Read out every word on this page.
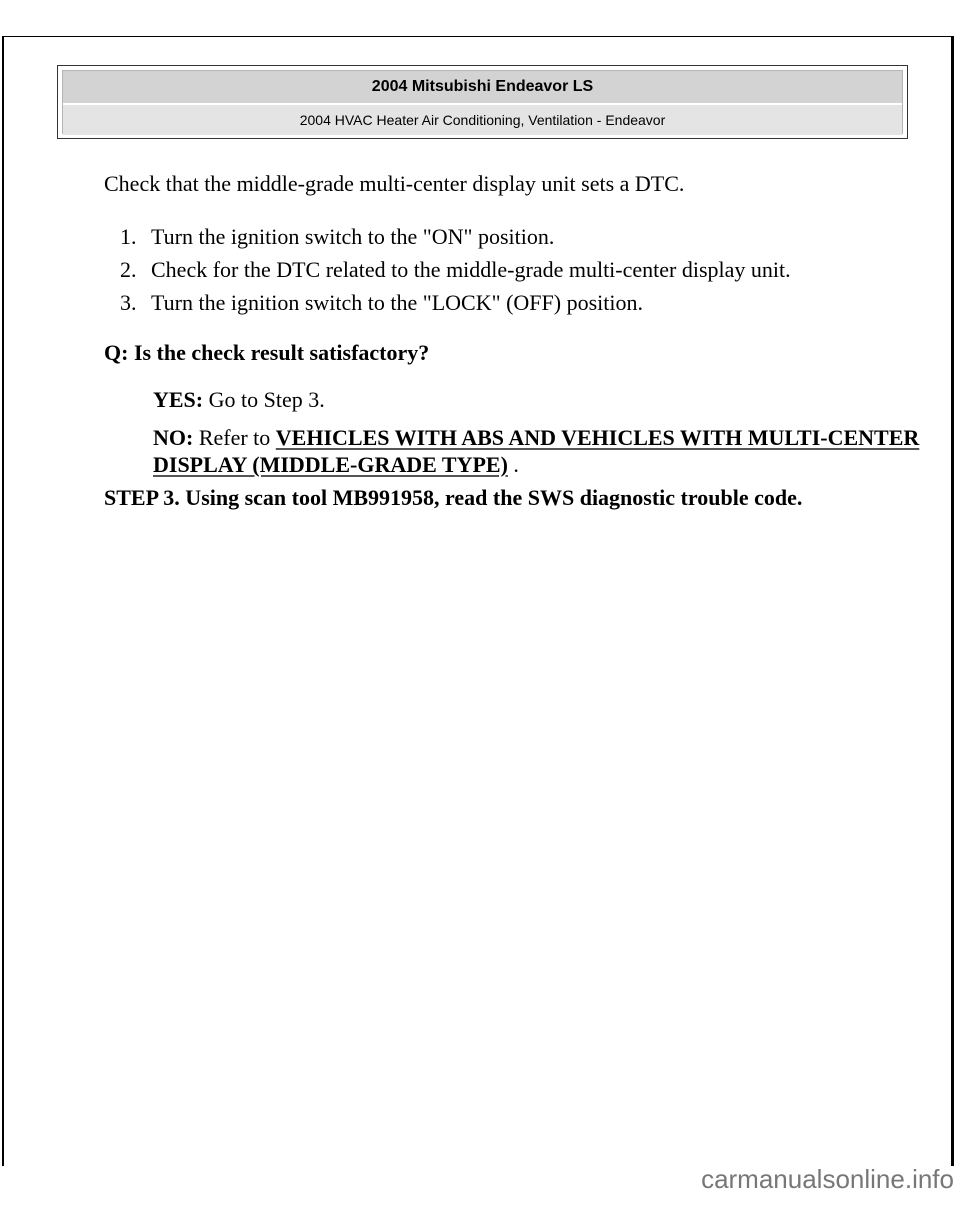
2004 Mitsubishi Endeavor LS
2004 HVAC Heater Air Conditioning, Ventilation - Endeavor

Check that the middle-grade multi-center display unit sets a DTC.

1. Turn the ignition switch to the "ON" position.
2. Check for the DTC related to the middle-grade multi-center display unit.
3. Turn the ignition switch to the "LOCK" (OFF) position.
Q: Is the check result satisfactory?
YES: Go to Step 3.
NO: Refer to VEHICLES WITH ABS AND VEHICLES WITH MULTI-CENTER DISPLAY (MIDDLE-GRADE TYPE) .
STEP 3. Using scan tool MB991958, read the SWS diagnostic trouble code.
carmanualsonline.info
